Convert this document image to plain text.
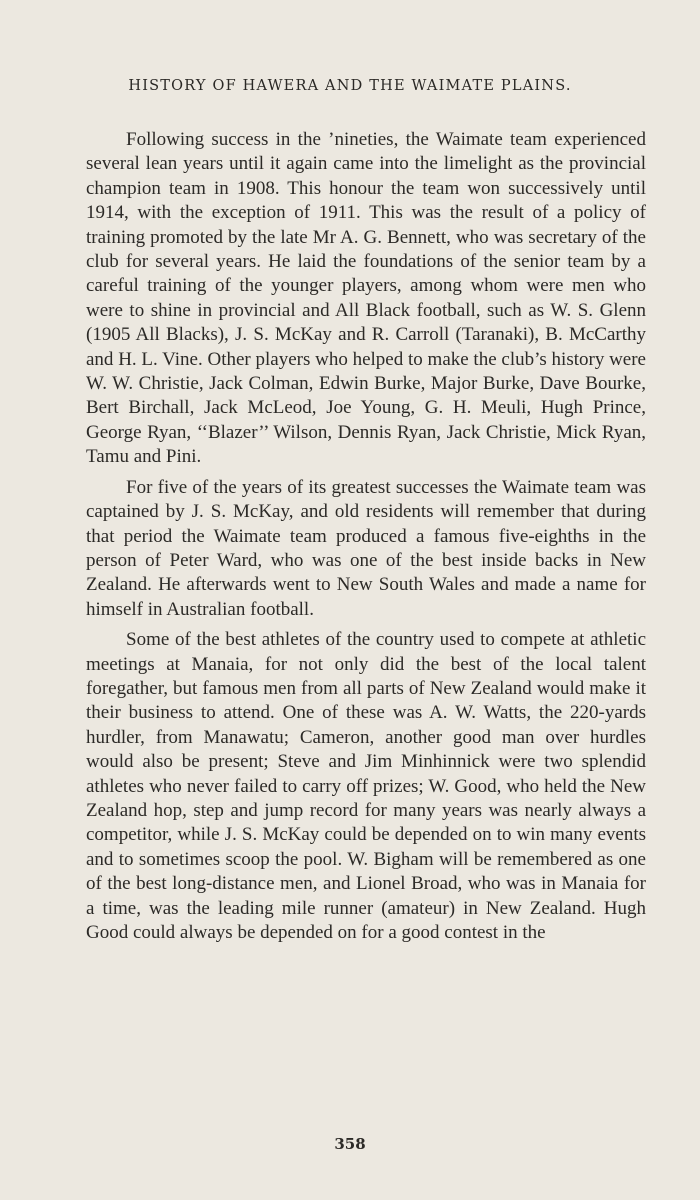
HISTORY OF HAWERA AND THE WAIMATE PLAINS.

Following success in the ’nineties, the Waimate team experienced several lean years until it again came into the limelight as the provincial champion team in 1908. This honour the team won successively until 1914, with the exception of 1911. This was the result of a policy of training promoted by the late Mr A. G. Bennett, who was secretary of the club for several years. He laid the foundations of the senior team by a careful training of the younger players, among whom were men who were to shine in provincial and All Black football, such as W. S. Glenn (1905 All Blacks), J. S. McKay and R. Carroll (Taranaki), B. McCarthy and H. L. Vine. Other players who helped to make the club’s history were W. W. Christie, Jack Colman, Edwin Burke, Major Burke, Dave Bourke, Bert Birchall, Jack McLeod, Joe Young, G. H. Meuli, Hugh Prince, George Ryan, ‘‘Blazer’’ Wilson, Dennis Ryan, Jack Christie, Mick Ryan, Tamu and Pini.

For five of the years of its greatest successes the Waimate team was captained by J. S. McKay, and old residents will remember that during that period the Waimate team produced a famous five-eighths in the person of Peter Ward, who was one of the best inside backs in New Zealand. He afterwards went to New South Wales and made a name for himself in Australian football.

Some of the best athletes of the country used to compete at athletic meetings at Manaia, for not only did the best of the local talent foregather, but famous men from all parts of New Zealand would make it their business to attend. One of these was A. W. Watts, the 220-yards hurdler, from Manawatu; Cameron, another good man over hurdles would also be present; Steve and Jim Minhinnick were two splendid athletes who never failed to carry off prizes; W. Good, who held the New Zealand hop, step and jump record for many years was nearly always a competitor, while J. S. McKay could be depended on to win many events and to sometimes scoop the pool. W. Bigham will be remembered as one of the best long-distance men, and Lionel Broad, who was in Manaia for a time, was the leading mile runner (amateur) in New Zealand. Hugh Good could always be depended on for a good contest in the

358
